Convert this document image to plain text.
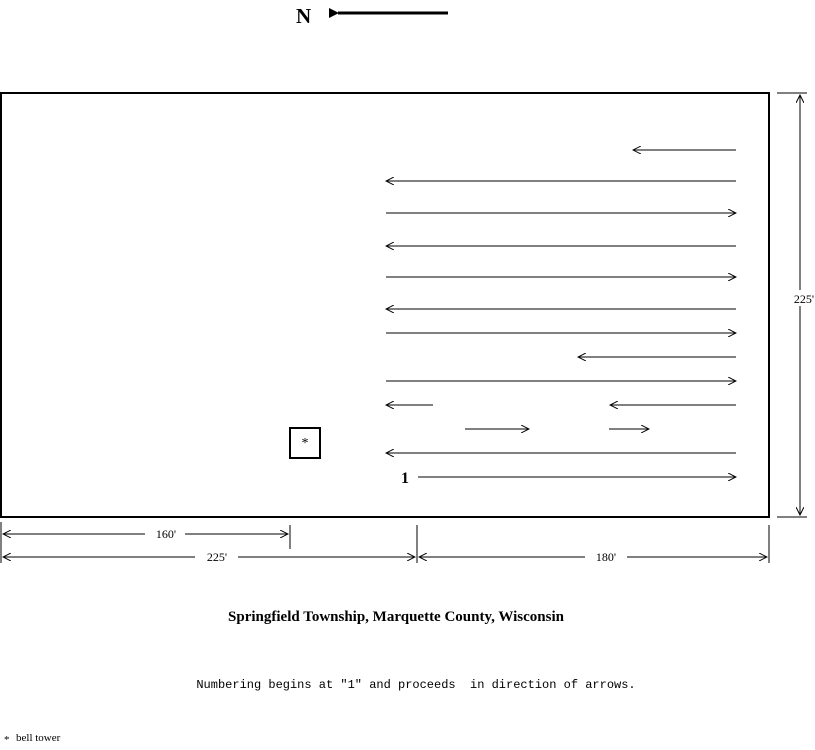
N
1
*
225'
160'
225'	180'
Springfield Township, Marquette County, Wisconsin
Numbering begins at "1" and proceeds  in direction of arrows.
* bell tower
